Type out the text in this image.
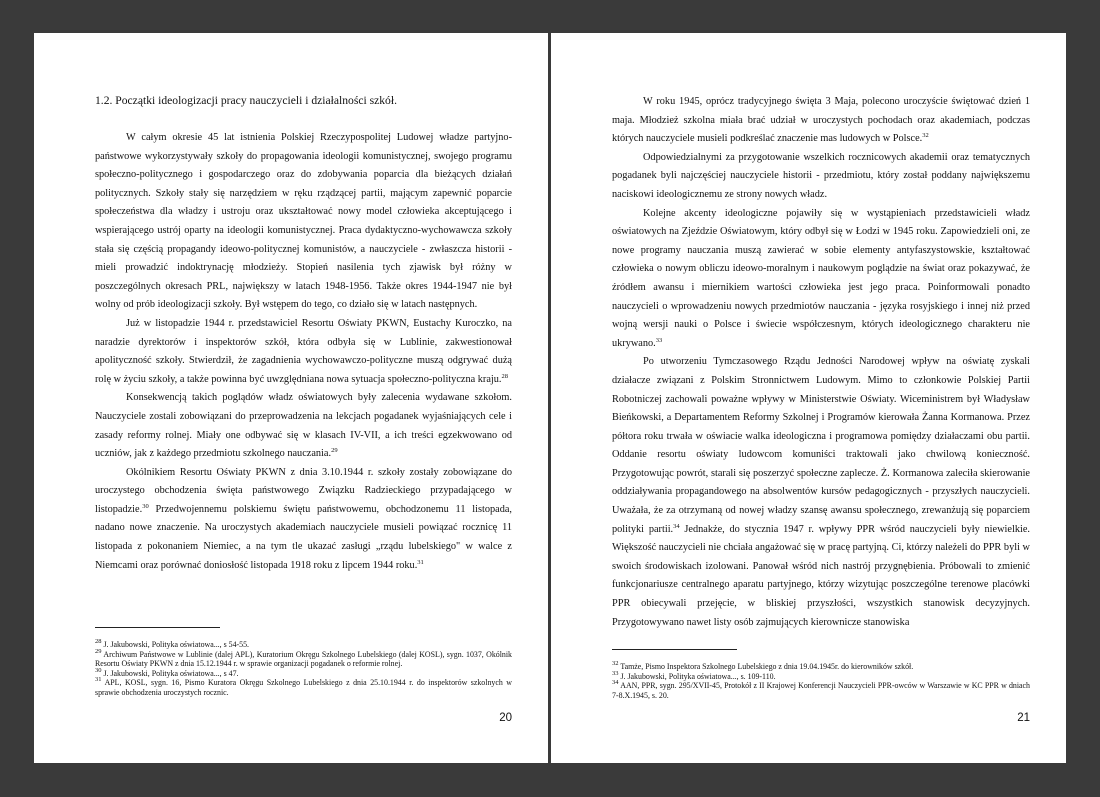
1.2. Początki ideologizacji pracy nauczycieli i działalności szkół.

W całym okresie 45 lat istnienia Polskiej Rzeczypospolitej Ludowej władze partyjno-państwowe wykorzystywały szkoły do propagowania ideologii komunistycznej, swojego programu społeczno-politycznego i gospodarczego oraz do zdobywania poparcia dla bieżących działań politycznych. Szkoły stały się narzędziem w ręku rządzącej partii, mającym zapewnić poparcie społeczeństwa dla władzy i ustroju oraz ukształtować nowy model człowieka akceptującego i wspierającego ustrój oparty na ideologii komunistycznej. Praca dydaktyczno-wychowawcza szkoły stała się częścią propagandy ideowo-politycznej komunistów, a nauczyciele - zwłaszcza historii - mieli prowadzić indoktrynację młodzieży. Stopień nasilenia tych zjawisk był różny w poszczególnych okresach PRL, największy w latach 1948-1956. Także okres 1944-1947 nie był wolny od prób ideologizacji szkoły. Był wstępem do tego, co działo się w latach następnych.

Już w listopadzie 1944 r. przedstawiciel Resortu Oświaty PKWN, Eustachy Kuroczko, na naradzie dyrektorów i inspektorów szkół, która odbyła się w Lublinie, zakwestionował apolityczność szkoły. Stwierdził, że zagadnienia wychowawczo-polityczne muszą odgrywać dużą rolę w życiu szkoły, a także powinna być uwzględniana nowa sytuacja społeczno-polityczna kraju.$^{28}$

Konsekwencją takich poglądów władz oświatowych były zalecenia wydawane szkołom. Nauczyciele zostali zobowiązani do przeprowadzenia na lekcjach pogadanek wyjaśniających cele i zasady reformy rolnej. Miały one odbywać się w klasach IV-VII, a ich treści egzekwowano od uczniów, jak z każdego przedmiotu szkolnego nauczania.$^{29}$

Okólnikiem Resortu Oświaty PKWN z dnia 3.10.1944 r. szkoły zostały zobowiązane do uroczystego obchodzenia święta państwowego Związku Radzieckiego przypadającego w listopadzie.$^{30}$ Przedwojennemu polskiemu świętu państwowemu, obchodzonemu 11 listopada, nadano nowe znaczenie. Na uroczystych akademiach nauczyciele musieli powiązać rocznicę 11 listopada z pokonaniem Niemiec, a na tym tle ukazać zasługi „rządu lubelskiego" w walce z Niemcami oraz porównać doniosłość listopada 1918 roku z lipcem 1944 roku.$^{31}$

$^{28}$ J. Jakubowski, Polityka oświatowa..., s 54-55.

$^{29}$ Archiwum Państwowe w Lublinie (dalej APL), Kuratorium Okręgu Szkolnego Lubelskiego (dalej KOSL), sygn. 1037, Okólnik Resortu Oświaty PKWN z dnia 15.12.1944 r. w sprawie organizacji pogadanek o reformie rolnej.

$^{30}$ J. Jakubowski, Polityka oświatowa..., s 47.

$^{31}$ APL, KOSL, sygn. 16, Pismo Kuratora Okręgu Szkolnego Lubelskiego z dnia 25.10.1944 r. do inspektorów szkolnych w sprawie obchodzenia uroczystych rocznic.

20

W roku 1945, oprócz tradycyjnego święta 3 Maja, polecono uroczyście świętować dzień 1 maja. Młodzież szkolna miała brać udział w uroczystych pochodach oraz akademiach, podczas których nauczyciele musieli podkreślać znaczenie mas ludowych w Polsce.$^{32}$

Odpowiedzialnymi za przygotowanie wszelkich rocznicowych akademii oraz tematycznych pogadanek byli najczęściej nauczyciele historii - przedmiotu, który został poddany największemu naciskowi ideologicznemu ze strony nowych władz.

Kolejne akcenty ideologiczne pojawiły się w wystąpieniach przedstawicieli władz oświatowych na Zjeździe Oświatowym, który odbył się w Łodzi w 1945 roku. Zapowiedzieli oni, ze nowe programy nauczania muszą zawierać w sobie elementy antyfaszystowskie, kształtować człowieka o nowym obliczu ideowo-moralnym i naukowym poglądzie na świat oraz pokazywać, że źródłem awansu i miernikiem wartości człowieka jest jego praca. Poinformowali ponadto nauczycieli o wprowadzeniu nowych przedmiotów nauczania - języka rosyjskiego i innej niż przed wojną wersji nauki o Polsce i świecie współczesnym, których ideologicznego charakteru nie ukrywano.$^{33}$

Po utworzeniu Tymczasowego Rządu Jedności Narodowej wpływ na oświatę zyskali działacze związani z Polskim Stronnictwem Ludowym. Mimo to członkowie Polskiej Partii Robotniczej zachowali poważne wpływy w Ministerstwie Oświaty. Wiceministrem był Władysław Bieńkowski, a Departamentem Reformy Szkolnej i Programów kierowała Żanna Kormanowa. Przez półtora roku trwała w oświacie walka ideologiczna i programowa pomiędzy działaczami obu partii. Oddanie resortu oświaty ludowcom komuniści traktowali jako chwilową konieczność. Przygotowując powrót, starali się poszerzyć społeczne zaplecze. Ż. Kormanowa zaleciła skierowanie oddziaływania propagandowego na absolwentów kursów pedagogicznych - przyszłych nauczycieli. Uważała, że za otrzymaną od nowej władzy szansę awansu społecznego, zrewanżują się poparciem polityki partii.$^{34}$ Jednakże, do stycznia 1947 r. wpływy PPR wśród nauczycieli były niewielkie. Większość nauczycieli nie chciała angażować się w pracę partyjną. Ci, którzy należeli do PPR byli w swoich środowiskach izolowani. Panował wśród nich nastrój przygnębienia. Próbowali to zmienić funkcjonariusze centralnego aparatu partyjnego, którzy wizytując poszczególne terenowe placówki PPR obiecywali przejęcie, w bliskiej przyszłości, wszystkich stanowisk decyzyjnych. Przygotowywano nawet listy osób zajmujących kierownicze stanowiska

$^{32}$ Tamże, Pismo Inspektora Szkolnego Lubelskiego z dnia 19.04.1945r. do kierowników szkół.

$^{33}$ J. Jakubowski, Polityka oświatowa..., s. 109-110.

$^{34}$ AAN, PPR, sygn. 295/XVII-45, Protokół z II Krajowej Konferencji Nauczycieli PPR-owców w Warszawie w KC PPR w dniach 7-8.X.1945, s. 20.

21
